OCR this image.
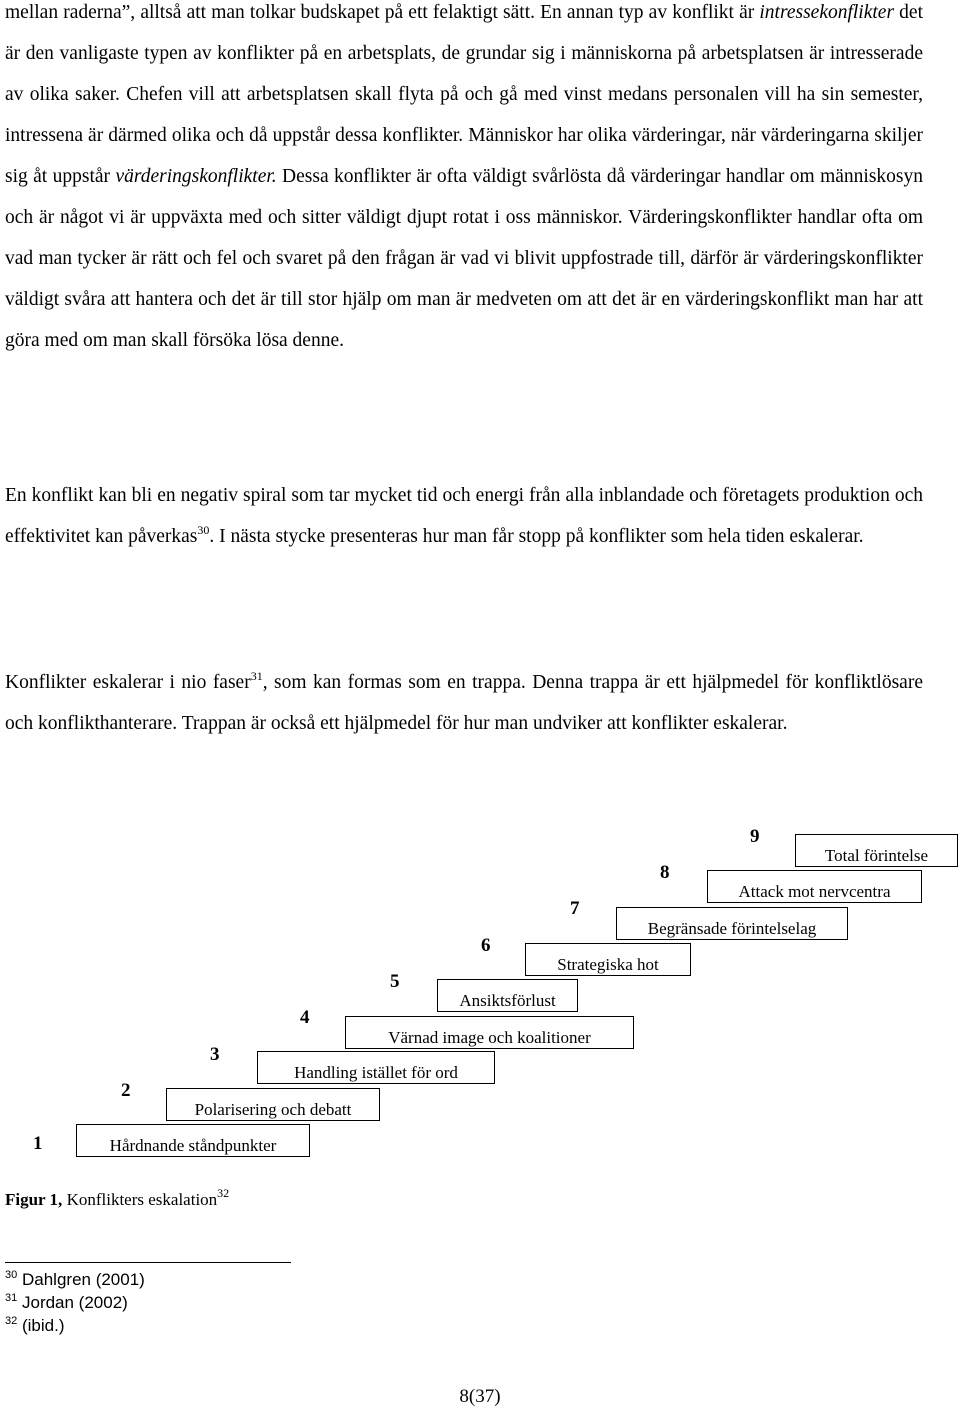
mellan raderna”, alltså att man tolkar budskapet på ett felaktigt sätt. En annan typ av konflikt är intressekonflikter det är den vanligaste typen av konflikter på en arbetsplats, de grundar sig i människorna på arbetsplatsen är intresserade av olika saker. Chefen vill att arbetsplatsen skall flyta på och gå med vinst medans personalen vill ha sin semester, intressena är därmed olika och då uppstår dessa konflikter. Människor har olika värderingar, när värderingarna skiljer sig åt uppstår värderingskonflikter. Dessa konflikter är ofta väldigt svårlösta då värderingar handlar om människosyn och är något vi är uppväxta med och sitter väldigt djupt rotat i oss människor. Värderingskonflikter handlar ofta om vad man tycker är rätt och fel och svaret på den frågan är vad vi blivit uppfostrade till, därför är värderingskonflikter väldigt svåra att hantera och det är till stor hjälp om man är medveten om att det är en värderingskonflikt man har att göra med om man skall försöka lösa denne.

En konflikt kan bli en negativ spiral som tar mycket tid och energi från alla inblandade och företagets produktion och effektivitet kan påverkas$^{30}$. I nästa stycke presenteras hur man får stopp på konflikter som hela tiden eskalerar.

Konflikter eskalerar i nio faser$^{31}$, som kan formas som en trappa. Denna trappa är ett hjälpmedel för konfliktlösare och konflikthanterare. Trappan är också ett hjälpmedel för hur man undviker att konflikter eskalerar.

1	Hårdnande ståndpunkter
2
Polarisering och debatt
3
Handling istället för ord
4
Värnad image och koalitioner
5
Ansiktsförlust
6
Strategiska hot
7
Begränsade förintelselag
8
Attack mot nervcentra
9
Total förintelse

Figur 1, Konflikters eskalation$^{32}$

$^{30}$ Dahlgren (2001)
$^{31}$ Jordan (2002)
$^{32}$ (ibid.)
8(37)
